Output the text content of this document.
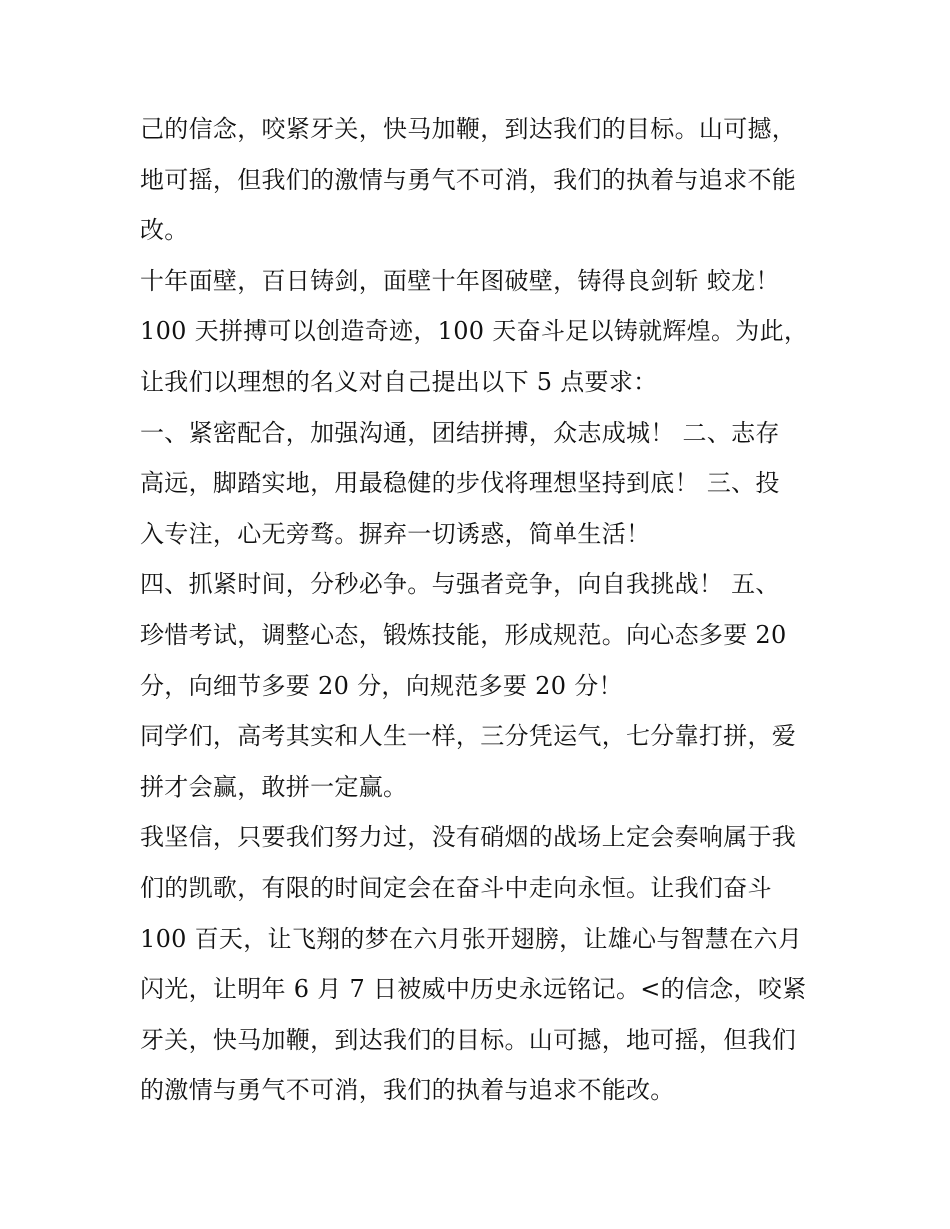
己的信念，咬紧牙关，快马加鞭，到达我们的目标。山可撼，
地可摇，但我们的激情与勇气不可消，我们的执着与追求不能
改。
十年面壁，百日铸剑，面壁十年图破壁，铸得良剑斩 蛟龙！
100 天拼搏可以创造奇迹，100 天奋斗足以铸就辉煌。为此，
让我们以理想的名义对自己提出以下 5 点要求：
一、紧密配合，加强沟通，团结拼搏，众志成城！ 二、志存
高远，脚踏实地，用最稳健的步伐将理想坚持到底！ 三、投
入专注，心无旁骛。摒弃一切诱惑，简单生活！
四、抓紧时间，分秒必争。与强者竞争，向自我挑战！ 五、
珍惜考试，调整心态，锻炼技能，形成规范。向心态多要 20
分，向细节多要 20 分，向规范多要 20 分！
同学们，高考其实和人生一样，三分凭运气，七分靠打拼，爱
拼才会赢，敢拼一定赢。
我坚信，只要我们努力过，没有硝烟的战场上定会奏响属于我
们的凯歌，有限的时间定会在奋斗中走向永恒。让我们奋斗
100 百天，让飞翔的梦在六月张开翅膀，让雄心与智慧在六月
闪光，让明年 6 月 7 日被威中历史永远铭记。<的信念，咬紧
牙关，快马加鞭，到达我们的目标。山可撼，地可摇，但我们
的激情与勇气不可消，我们的执着与追求不能改。
